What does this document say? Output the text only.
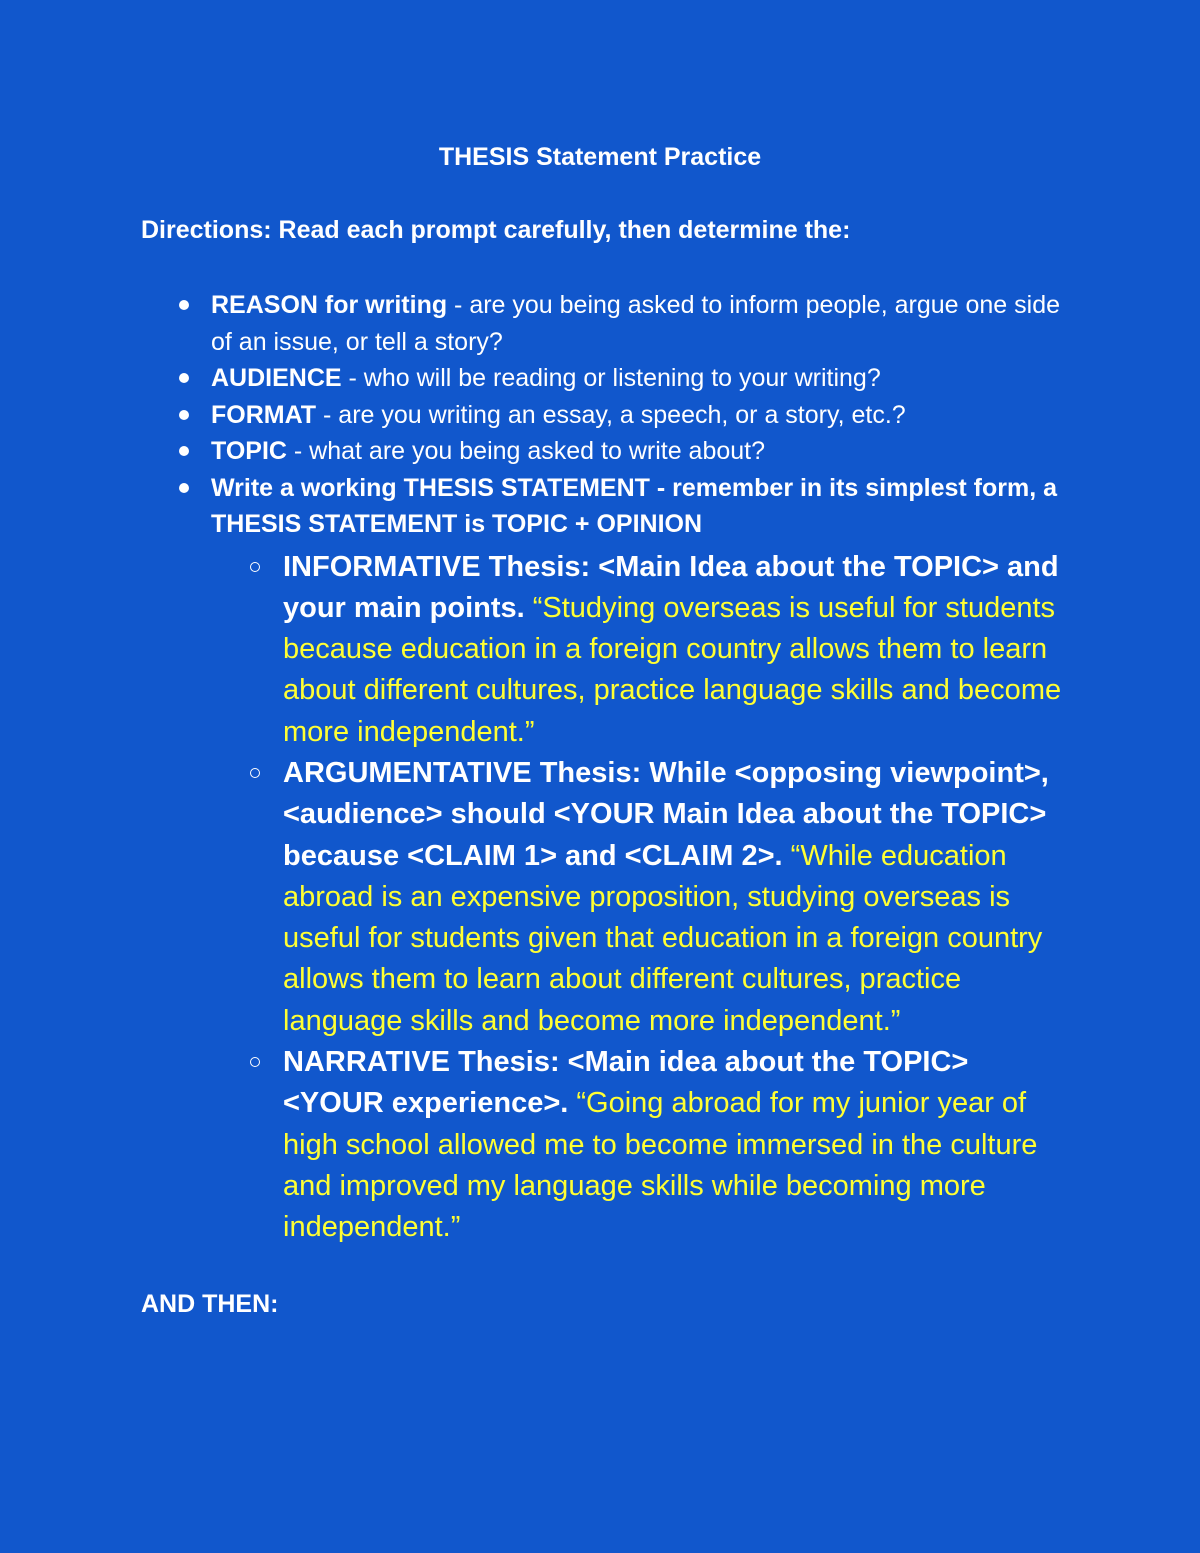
THESIS Statement Practice

Directions: Read each prompt carefully, then determine the:

REASON for writing - are you being asked to inform people, argue one side of an issue, or tell a story?
AUDIENCE - who will be reading or listening to your writing?
FORMAT - are you writing an essay, a speech, or a story, etc.?
TOPIC - what are you being asked to write about?
Write a working THESIS STATEMENT - remember in its simplest form, a THESIS STATEMENT is TOPIC + OPINION
INFORMATIVE Thesis: <Main Idea about the TOPIC> and your main points. “Studying overseas is useful for students because education in a foreign country allows them to learn about different cultures, practice language skills and become more independent.”
ARGUMENTATIVE Thesis: While <opposing viewpoint>, <audience> should <YOUR Main Idea about the TOPIC> because <CLAIM 1> and <CLAIM 2>. “While education abroad is an expensive proposition, studying overseas is useful for students given that education in a foreign country allows them to learn about different cultures, practice language skills and become more independent.”
NARRATIVE Thesis: <Main idea about the TOPIC> <YOUR experience>. “Going abroad for my junior year of high school allowed me to become immersed in the culture and improved my language skills while becoming more independent.”

AND THEN:
